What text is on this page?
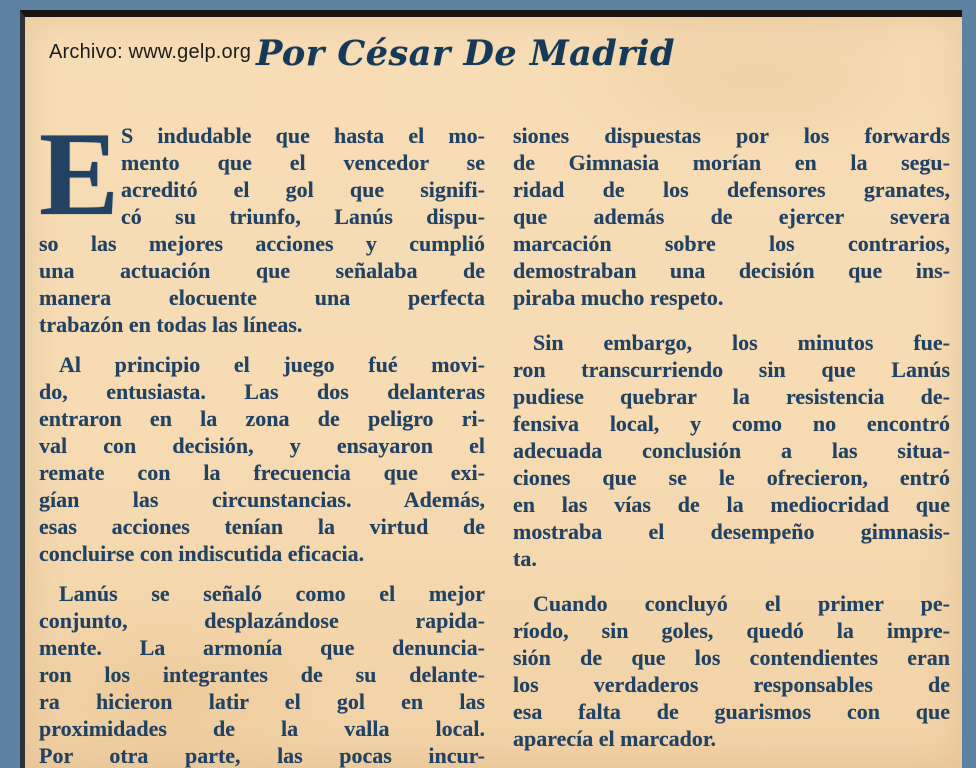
Archivo: www.gelp.org Por César De Madrid
E S indudable que hasta el mo-
mento que el vencedor se
acreditó el gol que signifi-
có su triunfo, Lanús dispu-
so las mejores acciones y cumplió
una actuación que señalaba de
manera elocuente una perfecta
trabazón en todas las líneas.
Al principio el juego fué movi-
do, entusiasta. Las dos delanteras
entraron en la zona de peligro ri-
val con decisión, y ensayaron el
remate con la frecuencia que exi-
gían las circunstancias. Además,
esas acciones tenían la virtud de
concluirse con indiscutida eficacia.
Lanús se señaló como el mejor
conjunto, desplazándose rapida-
mente. La armonía que denuncia-
ron los integrantes de su delante-
ra hicieron latir el gol en las
proximidades de la valla local.
Por otra parte, las pocas incur-
siones dispuestas por los forwards
de Gimnasia morían en la segu-
ridad de los defensores granates,
que además de ejercer severa
marcación sobre los contrarios,
demostraban una decisión que ins-
piraba mucho respeto.
Sin embargo, los minutos fue-
ron transcurriendo sin que Lanús
pudiese quebrar la resistencia de-
fensiva local, y como no encontró
adecuada conclusión a las situa-
ciones que se le ofrecieron, entró
en las vías de la mediocridad que
mostraba el desempeño gimnasis-
ta.
Cuando concluyó el primer pe-
ríodo, sin goles, quedó la impre-
sión de que los contendientes eran
los verdaderos responsables de
esa falta de guarismos con que
aparecía el marcador.
